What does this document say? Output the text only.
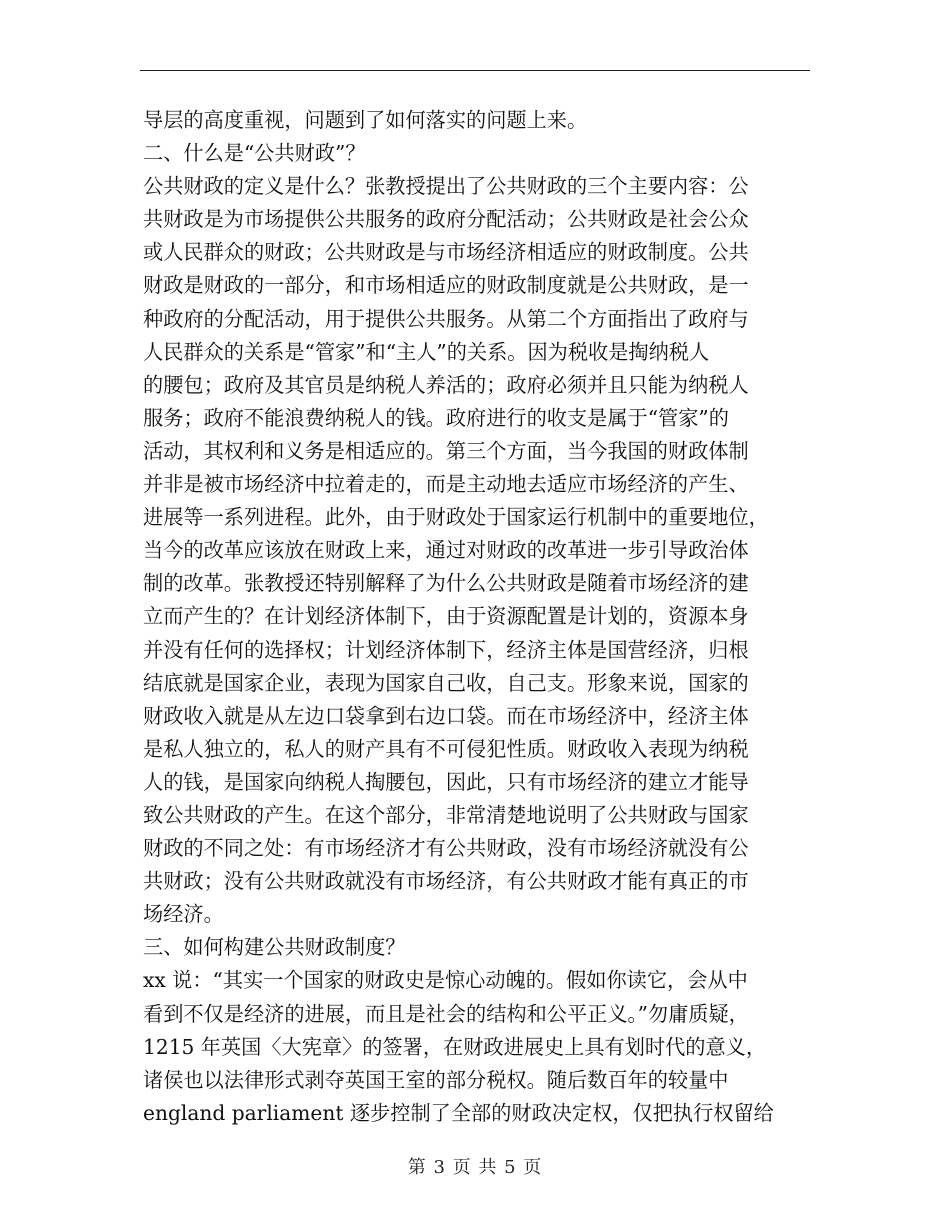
导层的高度重视，问题到了如何落实的问题上来。
二、什么是“公共财政”？
公共财政的定义是什么？张教授提出了公共财政的三个主要内容：公
共财政是为市场提供公共服务的政府分配活动；公共财政是社会公众
或人民群众的财政；公共财政是与市场经济相适应的财政制度。公共
财政是财政的一部分，和市场相适应的财政制度就是公共财政，是一
种政府的分配活动，用于提供公共服务。从第二个方面指出了政府与
人民群众的关系是“管家”和“主人”的关系。因为税收是掏纳税人
的腰包；政府及其官员是纳税人养活的；政府必须并且只能为纳税人
服务；政府不能浪费纳税人的钱。政府进行的收支是属于“管家”的
活动，其权利和义务是相适应的。第三个方面，当今我国的财政体制
并非是被市场经济中拉着走的，而是主动地去适应市场经济的产生、
进展等一系列进程。此外，由于财政处于国家运行机制中的重要地位，
当今的改革应该放在财政上来，通过对财政的改革进一步引导政治体
制的改革。张教授还特别解释了为什么公共财政是随着市场经济的建
立而产生的？在计划经济体制下，由于资源配置是计划的，资源本身
并没有任何的选择权；计划经济体制下，经济主体是国营经济，归根
结底就是国家企业，表现为国家自己收，自己支。形象来说，国家的
财政收入就是从左边口袋拿到右边口袋。而在市场经济中，经济主体
是私人独立的，私人的财产具有不可侵犯性质。财政收入表现为纳税
人的钱，是国家向纳税人掏腰包，因此，只有市场经济的建立才能导
致公共财政的产生。在这个部分，非常清楚地说明了公共财政与国家
财政的不同之处：有市场经济才有公共财政，没有市场经济就没有公
共财政；没有公共财政就没有市场经济，有公共财政才能有真正的市
场经济。
三、如何构建公共财政制度？
xx 说：“其实一个国家的财政史是惊心动魄的。假如你读它，会从中
看到不仅是经济的进展，而且是社会的结构和公平正义。”勿庸质疑，
1215 年英国〈大宪章〉的签署，在财政进展史上具有划时代的意义，
诸侯也以法律形式剥夺英国王室的部分税权。随后数百年的较量中
england parliament 逐步控制了全部的财政决定权，仅把执行权留给
第 3 页 共 5 页
